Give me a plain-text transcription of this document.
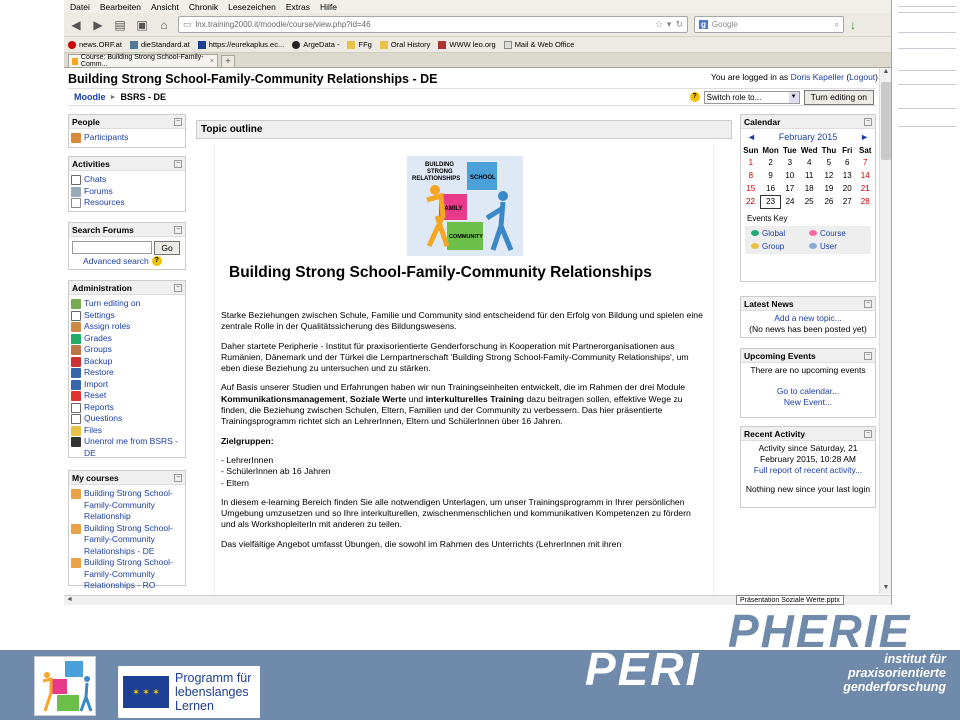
Datei Bearbeiten Ansicht Chronik Lesezeichen Extras Hilfe
◀ ▶ ▤ ▣	⌂	▭ lnx.training2000.it/moodle/course/view.php?id=46	☆ ▾ ↻ g Google	⌕ ↓
news.ORF.at	dieStandard.at	https://eurekaplus.ec...	ArgeData -	FFg	Oral History	WWW leo.org	Mail & Web Office
Course: Building Strong School-Family-Comm...	×	+
Building Strong School-Family-Community Relationships - DE	You are logged in as Doris Kapeller (Logout)
Moodle ► BSRS - DE	?	Switch role to...	▼	Turn editing on
People	−
Participants
Activities	−
Chats
Forums
Resources
Search Forums	−
Go
Advanced search ?
Administration	−
Turn editing on
Settings
Assign roles
Grades
Groups
Backup
Restore
Import
Reset
Reports
Questions
Files
Unenrol me from BSRS - DE
My courses	−
Building Strong School-Family-Community Relationship
Building Strong School-Family-Community Relationships - DE
Building Strong School-Family-Community Relationships - RO
Topic outline
BUILDING
STRONG
RELATIONSHIPS SCHOOL
FAMILY
COMMUNITY
Building Strong School-Family-Community Relationships

Starke Beziehungen zwischen Schule, Familie und Community sind entscheidend für den Erfolg von Bildung und spielen eine zentrale Rolle in der Qualitätssicherung des Bildungswesens.

Daher startete Peripherie - Institut für praxisorientierte Genderforschung in Kooperation mit Partnerorganisationen aus Rumänien, Dänemark und der Türkei die Lernpartnerschaft 'Building Strong School-Family-Community Relationships', um eben diese Beziehung zu untersuchen und zu stärken.

Auf Basis unserer Studien und Erfahrungen haben wir nun Trainingseinheiten entwickelt, die im Rahmen der drei Module Kommunikationsmanagement, Soziale Werte und interkulturelles Training dazu beitragen sollen, effektive Wege zu finden, die Beziehung zwischen Schulen, Eltern, Familien und der Community zu verbessern. Das hier präsentierte Trainingsprogramm richtet sich an LehrerInnen, Eltern und SchülerInnen über 16 Jahren.

Zielgruppen:

- LehrerInnen
- SchülerInnen ab 16 Jahren
- Eltern

In diesem e-learning Bereich finden Sie alle notwendigen Unterlagen, um unser Trainingsprogramm in Ihrer persönlichen Umgebung umzusetzen und so Ihre interkulturellen, zwischenmenschlichen und kommunikativen Kompetenzen zu fördern und als WorkshopleiterIn mit anderen zu teilen.

Das vielfältige Angebot umfasst Übungen, die sowohl im Rahmen des Unterrichts (LehrerInnen mit ihren

Calendar	−
◄	February 2015	►
Sun	Mon	Tue	Wed	Thu	Fri	Sat
1	2	3	4	5	6	7
8	9	10	11	12	13	14
15	16	17	18	19	20	21
22	23	24	25	26	27	28
Events Key
Global	Course
Group	User
Latest News	−
Add a new topic...
(No news has been posted yet)
Upcoming Events	−
There are no upcoming events
Go to calendar...
New Event...
Recent Activity	−
Activity since Saturday, 21 February 2015, 10:28 AM
Full report of recent activity...
Nothing new since your last login
▲
▼
◄	Präsentation Soziale Werte.pptx
PHERIE
PERI	institut für
praxisorientierte
genderforschung
✶ ✶ ✶
Programm für
lebenslanges
Lernen
